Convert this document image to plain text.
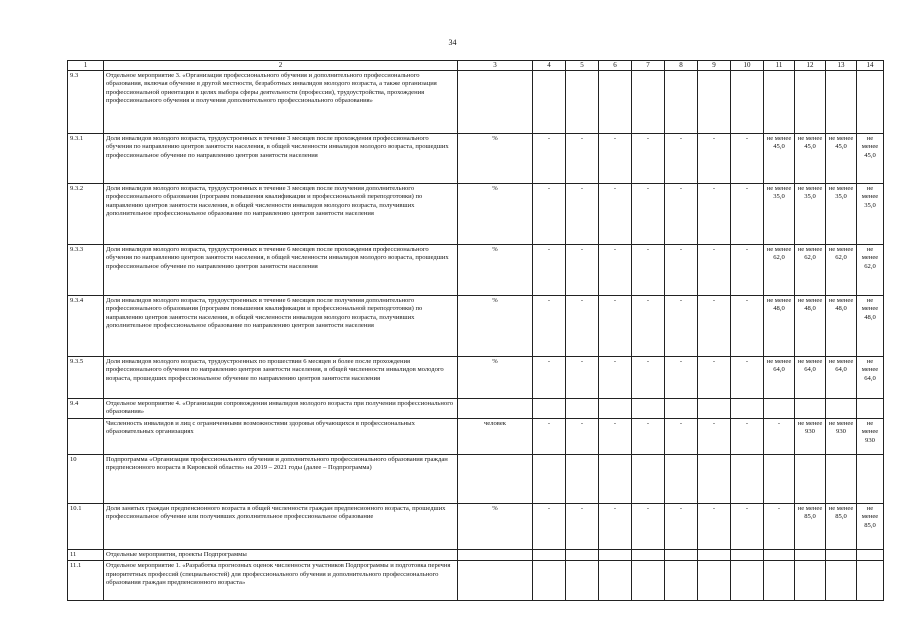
34
1	2	3	4	5	6	7	8	9	10	11	12	13	14
9.3	Отдельное мероприятие 3. «Организация профессионального обучения и дополнительного профессионального образования, включая обучение в другой местности, безработных инвалидов молодого возраста, а также организация профессиональной ориентации в целях выбора сферы деятельности (профессии), трудоустройства, прохождения профессионального обучения и получения дополнительного профессионального образования»												
9.3.1	Доля инвалидов молодого возраста, трудоустроенных в течение 3 месяцев после прохождения профессионального обучения по направлению центров занятости населения, в общей численности инвалидов молодого возраста, прошедших профессиональное обучение по направлению центров занятости населения	%	-	-	-	-	-	-	-	не менее 45,0	не менее 45,0	не менее 45,0	не менее 45,0
9.3.2	Доля инвалидов молодого возраста, трудоустроенных в течение 3 месяцев после получения дополнительного профессионального образования (программ повышения квалификации и профессиональной переподготовки) по направлению центров занятости населения, в общей численности инвалидов молодого возраста, получивших дополнительное профессиональное образование по направлению центров занятости населения	%	-	-	-	-	-	-	-	не менее 35,0	не менее 35,0	не менее 35,0	не менее 35,0
9.3.3	Доля инвалидов молодого возраста, трудоустроенных в течение 6 месяцев после прохождения профессионального обучения по направлению центров занятости населения, в общей численности инвалидов молодого возраста, прошедших профессиональное обучение по направлению центров занятости населения	%	-	-	-	-	-	-	-	не менее 62,0	не менее 62,0	не менее 62,0	не менее 62,0
9.3.4	Доля инвалидов молодого возраста, трудоустроенных в течение 6 месяцев после получения дополнительного профессионального образования (программ повышения квалификации и профессиональной переподготовки) по направлению центров занятости населения, в общей численности инвалидов молодого возраста, получивших дополнительное профессиональное образование по направлению центров занятости населения	%	-	-	-	-	-	-	-	не менее 48,0	не менее 48,0	не менее 48,0	не менее 48,0
9.3.5	Доля инвалидов молодого возраста, трудоустроенных по прошествии 6 месяцев и более после прохождения профессионального обучения по направлению центров занятости населения, в общей численности инвалидов молодого возраста, прошедших профессиональное обучение по направлению центров занятости населения	%	-	-	-	-	-	-	-	не менее 64,0	не менее 64,0	не менее 64,0	не менее 64,0
9.4	Отдельное мероприятие 4. «Организация сопровождения инвалидов молодого возраста при получении профессионального образования»												
	Численность инвалидов и лиц с ограниченными возможностями здоровья обучающихся в профессиональных образовательных организациях	человек	-	-	-	-	-	-	-	-	не менее 930	не менее 930	не менее 930
10	Подпрограмма «Организация профессионального обучения и дополнительного профессионального образования граждан предпенсионного возраста в Кировской области» на 2019 – 2021 годы (далее – Подпрограмма)												
10.1	Доля занятых граждан предпенсионного возраста в общей численности граждан предпенсионного возраста, прошедших профессиональное обучение или получивших дополнительное профессиональное образование	%	-	-	-	-	-	-	-	-	не менее 85,0	не менее 85,0	не менее 85,0
11	Отдельные мероприятия, проекты Подпрограммы												
11.1	Отдельное мероприятие 1. «Разработка прогнозных оценок численности участников Подпрограммы и подготовка перечня приоритетных профессий (специальностей) для профессионального обучения и дополнительного профессионального образования граждан предпенсионного возраста»												
